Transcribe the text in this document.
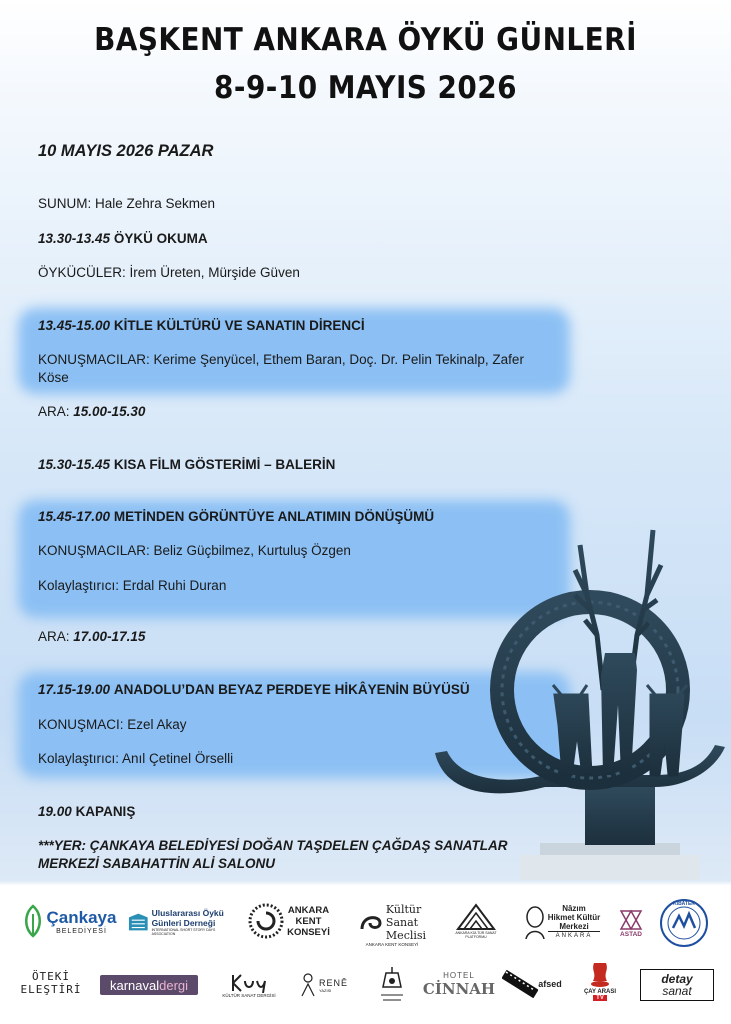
BAŞKENT ANKARA ÖYKÜ GÜNLERİ
8-9-10 MAYIS 2026
10 MAYIS 2026 PAZAR
SUNUM: Hale Zehra Sekmen
13.30-13.45 ÖYKÜ OKUMA
ÖYKÜCÜLER: İrem Üreten, Mürşide Güven
13.45-15.00 KİTLE KÜLTÜRÜ VE SANATIN DİRENCİ
KONUŞMACILAR: Kerime Şenyücel, Ethem Baran, Doç. Dr. Pelin Tekinalp, Zafer
Köse
ARA: 15.00-15.30
15.30-15.45 KISA FİLM GÖSTERİMİ – BALERİN
15.45-17.00 METİNDEN GÖRÜNTÜYE ANLATIMIN DÖNÜŞÜMÜ
KONUŞMACILAR: Beliz Güçbilmez, Kurtuluş Özgen
Kolaylaştırıcı: Erdal Ruhi Duran
ARA: 17.00-17.15
17.15-19.00 ANADOLU’DAN BEYAZ PERDEYE HİKÂYENİN BÜYÜSÜ
KONUŞMACI: Ezel Akay
Kolaylaştırıcı: Anıl Çetinel Örselli
19.00 KAPANIŞ
***YER: ÇANKAYA BELEDİYESİ DOĞAN TAŞDELEN ÇAĞDAŞ SANATLAR
MERKEZİ SABAHATTİN ALİ SALONU
Çankaya
BELEDİYESİ
Uluslararası Öykü
Günleri Derneği
INTERNATIONAL SHORT STORY DAYS ASSOCIATION
ANKARA
KENT
KONSEYİ
Kültür
Sanat
Meclisi
ANKARA KENT KONSEYİ
ANKARA KÜLTÜR SANAT PLATFORMU
Nâzım
Hikmet Kültür
Merkezi
ANKARA	ASTAD
KİBATEK
ÖTEKİ
ELEŞTİRİ karnaval dergi
KÜLTÜR SANAT DERGİSİ
RENÊ
YAZISI
HOTEL
CİNNAH	afsed
ÇAY ARASI
TV
detay
sanat
